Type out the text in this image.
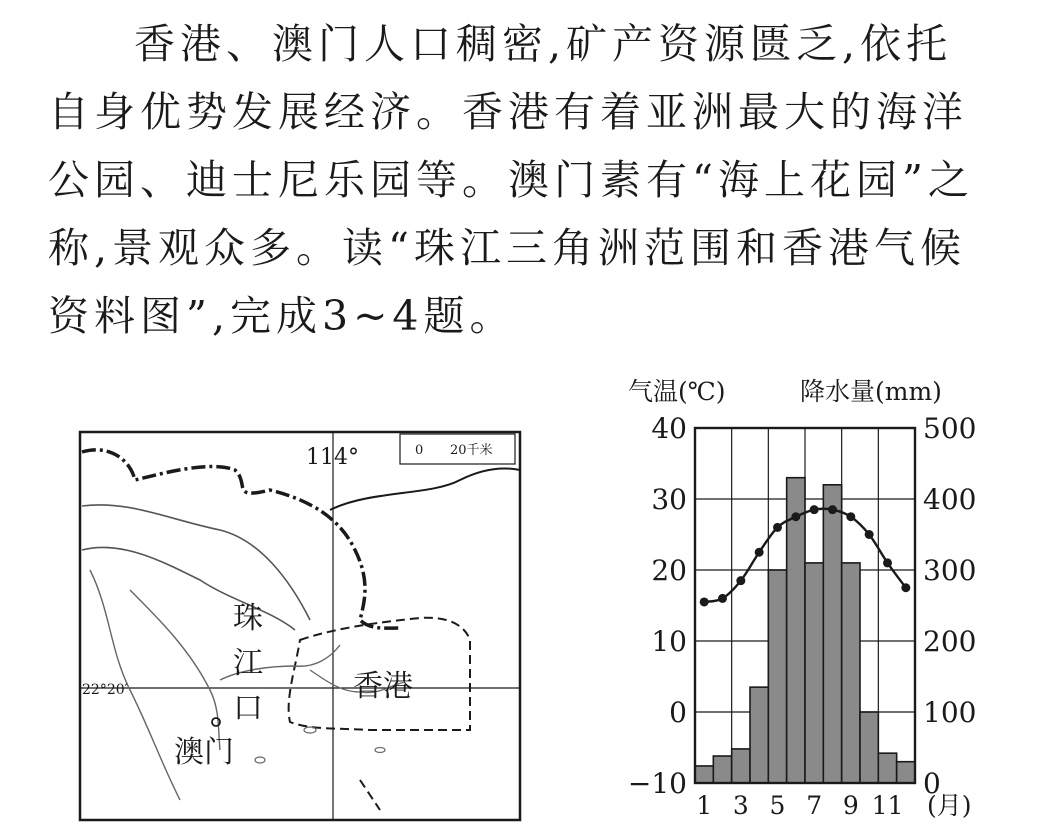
香港、澳门人口稠密,矿产资源匮乏,依托
自身优势发展经济。香港有着亚洲最大的海洋
公园、迪士尼乐园等。澳门素有“海上花园”之
称,景观众多。读“珠江三角洲范围和香港气候
资料图”,完成3~4题。
0 20千米
114°
22°20′
珠
江
口
香港
澳门
气温(℃)	降水量(mm)
40
30
20
10
0
−10
500
400
300
200
100
0
1 3 5 7 9 11 (月)
